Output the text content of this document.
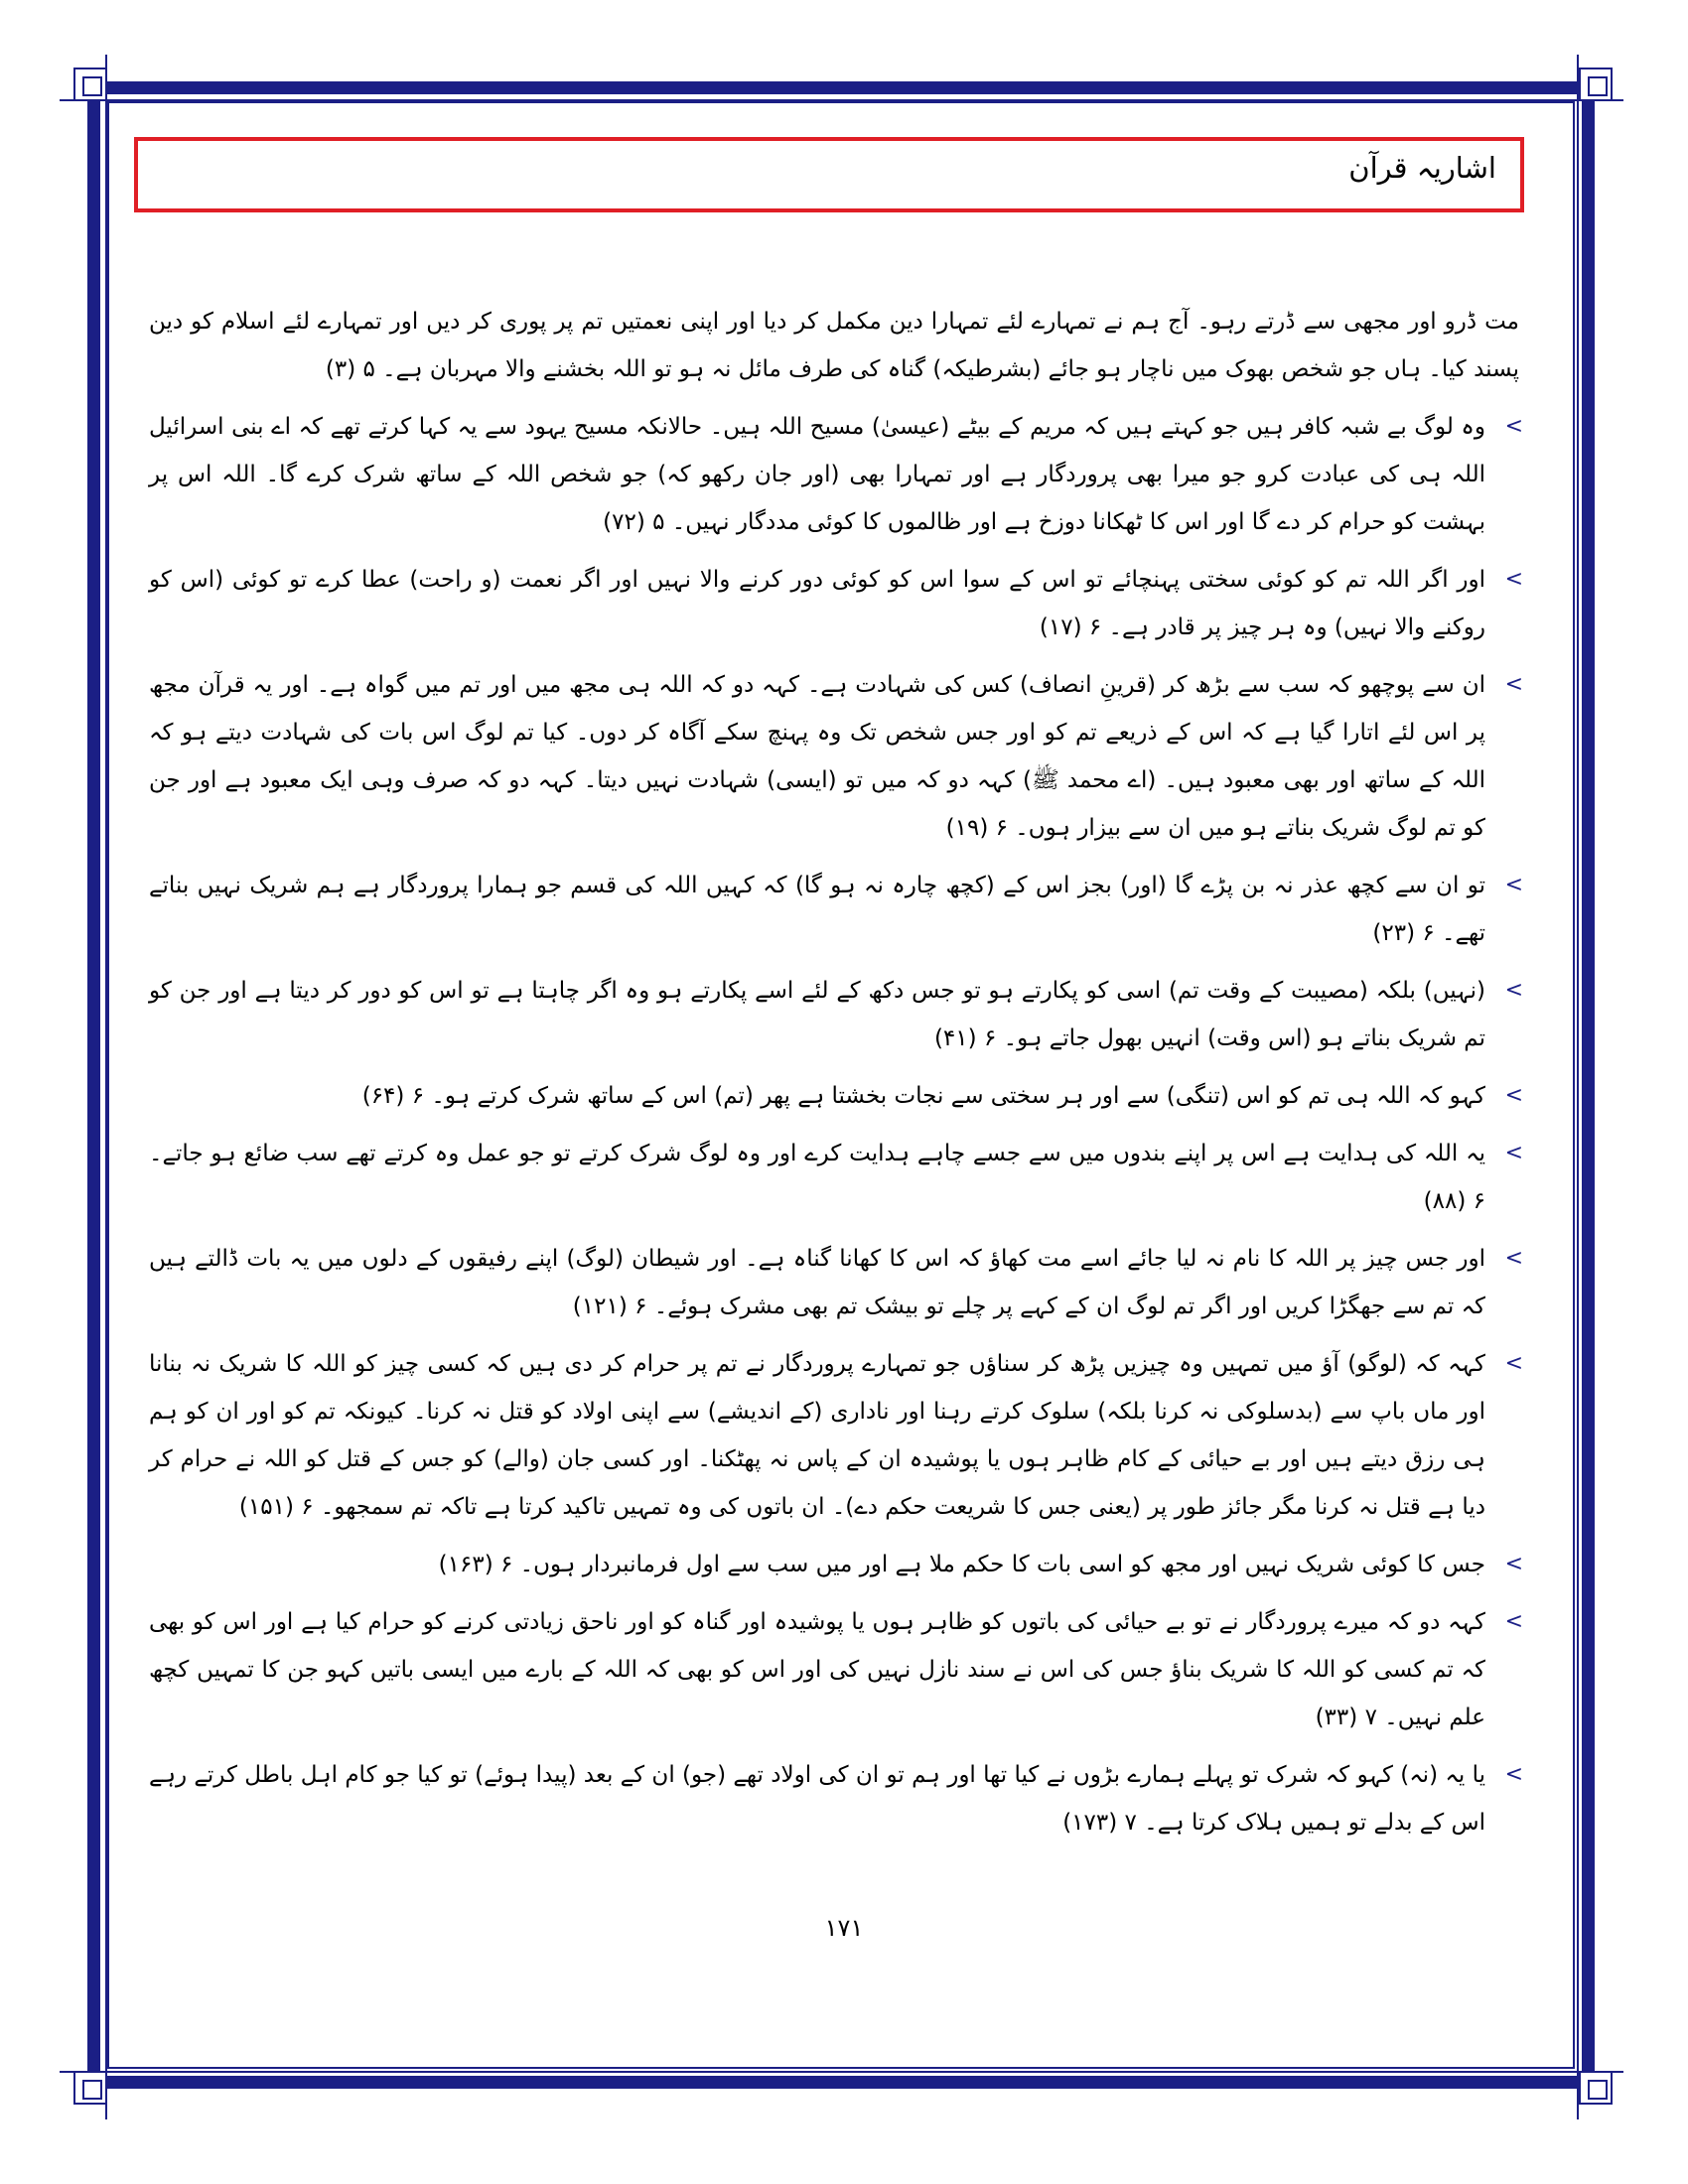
اشاریہ قرآن

مت ڈرو اور مجھی سے ڈرتے رہو۔ آج ہم نے تمہارے لئے تمہارا دین مکمل کر دیا اور اپنی نعمتیں تم پر پوری کر دیں اور تمہارے لئے اسلام کو دین پسند کیا۔ ہاں جو شخص بھوک میں ناچار ہو جائے (بشرطیکہ) گناہ کی طرف مائل نہ ہو تو اللہ بخشنے والا مہربان ہے۔ ۵ (۳)

>
وہ لوگ بے شبہ کافر ہیں جو کہتے ہیں کہ مریم کے بیٹے (عیسیٰ) مسیح اللہ ہیں۔ حالانکہ مسیح یہود سے یہ کہا کرتے تھے کہ اے بنی اسرائیل اللہ ہی کی عبادت کرو جو میرا بھی پروردگار ہے اور تمہارا بھی (اور جان رکھو کہ) جو شخص اللہ کے ساتھ شرک کرے گا۔ اللہ اس پر بہشت کو حرام کر دے گا اور اس کا ٹھکانا دوزخ ہے اور ظالموں کا کوئی مددگار نہیں۔ ۵ (۷۲)

>
اور اگر اللہ تم کو کوئی سختی پہنچائے تو اس کے سوا اس کو کوئی دور کرنے والا نہیں اور اگر نعمت (و راحت) عطا کرے تو کوئی (اس کو روکنے والا نہیں) وہ ہر چیز پر قادر ہے۔ ۶ (۱۷)

>
ان سے پوچھو کہ سب سے بڑھ کر (قرینِ انصاف) کس کی شہادت ہے۔ کہہ دو کہ اللہ ہی مجھ میں اور تم میں گواہ ہے۔ اور یہ قرآن مجھ پر اس لئے اتارا گیا ہے کہ اس کے ذریعے تم کو اور جس شخص تک وہ پہنچ سکے آگاہ کر دوں۔ کیا تم لوگ اس بات کی شہادت دیتے ہو کہ اللہ کے ساتھ اور بھی معبود ہیں۔ (اے محمد ﷺ) کہہ دو کہ میں تو (ایسی) شہادت نہیں دیتا۔ کہہ دو کہ صرف وہی ایک معبود ہے اور جن کو تم لوگ شریک بناتے ہو میں ان سے بیزار ہوں۔ ۶ (۱۹)

>
تو ان سے کچھ عذر نہ بن پڑے گا (اور) بجز اس کے (کچھ چارہ نہ ہو گا) کہ کہیں اللہ کی قسم جو ہمارا پروردگار ہے ہم شریک نہیں بناتے تھے۔ ۶ (۲۳)

>
(نہیں) بلکہ (مصیبت کے وقت تم) اسی کو پکارتے ہو تو جس دکھ کے لئے اسے پکارتے ہو وہ اگر چاہتا ہے تو اس کو دور کر دیتا ہے اور جن کو تم شریک بناتے ہو (اس وقت) انہیں بھول جاتے ہو۔ ۶ (۴۱)

>
کہو کہ اللہ ہی تم کو اس (تنگی) سے اور ہر سختی سے نجات بخشتا ہے پھر (تم) اس کے ساتھ شرک کرتے ہو۔ ۶ (۶۴)

>
یہ اللہ کی ہدایت ہے اس پر اپنے بندوں میں سے جسے چاہے ہدایت کرے اور وہ لوگ شرک کرتے تو جو عمل وہ کرتے تھے سب ضائع ہو جاتے۔ ۶ (۸۸)

>
اور جس چیز پر اللہ کا نام نہ لیا جائے اسے مت کھاؤ کہ اس کا کھانا گناہ ہے۔ اور شیطان (لوگ) اپنے رفیقوں کے دلوں میں یہ بات ڈالتے ہیں کہ تم سے جھگڑا کریں اور اگر تم لوگ ان کے کہے پر چلے تو بیشک تم بھی مشرک ہوئے۔ ۶ (۱۲۱)

>
کہہ کہ (لوگو) آؤ میں تمہیں وہ چیزیں پڑھ کر سناؤں جو تمہارے پروردگار نے تم پر حرام کر دی ہیں کہ کسی چیز کو اللہ کا شریک نہ بنانا اور ماں باپ سے (بدسلوکی نہ کرنا بلکہ) سلوک کرتے رہنا اور ناداری (کے اندیشے) سے اپنی اولاد کو قتل نہ کرنا۔ کیونکہ تم کو اور ان کو ہم ہی رزق دیتے ہیں اور بے حیائی کے کام ظاہر ہوں یا پوشیدہ ان کے پاس نہ پھٹکنا۔ اور کسی جان (والے) کو جس کے قتل کو اللہ نے حرام کر دیا ہے قتل نہ کرنا مگر جائز طور پر (یعنی جس کا شریعت حکم دے)۔ ان باتوں کی وہ تمہیں تاکید کرتا ہے تاکہ تم سمجھو۔ ۶ (۱۵۱)

>
جس کا کوئی شریک نہیں اور مجھ کو اسی بات کا حکم ملا ہے اور میں سب سے اول فرمانبردار ہوں۔ ۶ (۱۶۳)

>
کہہ دو کہ میرے پروردگار نے تو بے حیائی کی باتوں کو ظاہر ہوں یا پوشیدہ اور گناہ کو اور ناحق زیادتی کرنے کو حرام کیا ہے اور اس کو بھی کہ تم کسی کو اللہ کا شریک بناؤ جس کی اس نے سند نازل نہیں کی اور اس کو بھی کہ اللہ کے بارے میں ایسی باتیں کہو جن کا تمہیں کچھ علم نہیں۔ ۷ (۳۳)

>
یا یہ (نہ) کہو کہ شرک تو پہلے ہمارے بڑوں نے کیا تھا اور ہم تو ان کی اولاد تھے (جو) ان کے بعد (پیدا ہوئے) تو کیا جو کام اہل باطل کرتے رہے اس کے بدلے تو ہمیں ہلاک کرتا ہے۔ ۷ (۱۷۳)

۱۷۱
